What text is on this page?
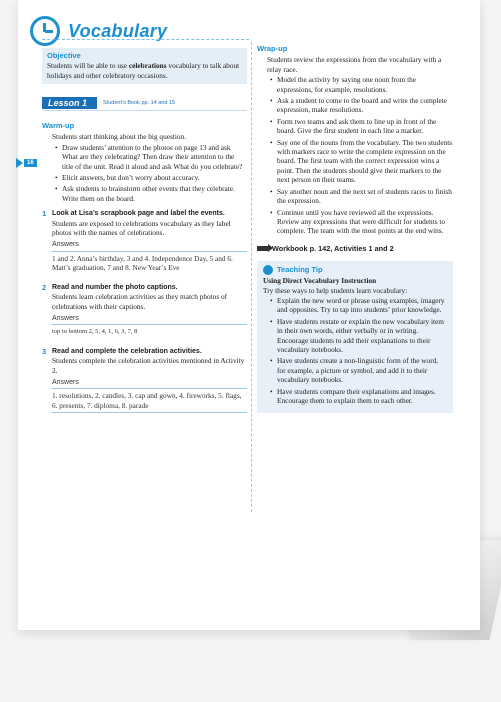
Vocabulary
Objective
Students will be able to use celebrations vocabulary to talk about holidays and other celebratory occasions.
Lesson 1	Student’s Book pp. 14 and 15
16
Warm-up
Students start thinking about the big question.
• Draw students’ attention to the photos on page 13 and ask What are they celebrating? Then draw their attention to the title of the unit. Read it aloud and ask What do you celebrate?
• Elicit answers, but don’t worry about accuracy.
• Ask students to brainstorm other events that they celebrate. Write them on the board.
1 Look at Lisa’s scrapbook page and label the events.
Students are exposed to celebrations vocabulary as they label photos with the names of celebrations.
Answers
1 and 2. Anna’s birthday, 3 and 4. Independence Day, 5 and 6. Matt’s graduation, 7 and 8. New Year’s Eve
2 Read and number the photo captions.
Students learn celebration activities as they match photos of celebrations with their captions.
Answers
top to bottom 2, 5, 4, 1, 6, 3, 7, 8
3 Read and complete the celebration activities.
Students complete the celebration activities mentioned in Activity 2.
Answers
1. resolutions, 2. candles, 3. cap and gown, 4. fireworks, 5. flags, 6. presents, 7. diploma, 8. parade
Wrap-up
Students review the expressions from the vocabulary with a relay race.
• Model the activity by saying one noun from the expressions, for example, resolutions.
• Ask a student to come to the board and write the complete expression, make resolutions.
• Form two teams and ask them to line up in front of the board. Give the first student in each line a marker.
• Say one of the nouns from the vocabulary. The two students with markers race to write the complete expression on the board. The first team with the correct expression wins a point. Then the students should give their markers to the next person on their teams.
• Say another noun and the next set of students races to finish the expression.
• Continue until you have reviewed all the expressions. Review any expressions that were difficult for students to complete. The team with the most points at the end wins.
Workbook p. 142, Activities 1 and 2
Teaching Tip
Using Direct Vocabulary Instruction
Try these ways to help students learn vocabulary:
• Explain the new word or phrase using examples, imagery and opposites. Try to tap into students’ prior knowledge.
• Have students restate or explain the new vocabulary item in their own words, either verbally or in writing. Encourage students to add their explanations to their vocabulary notebooks.
• Have students create a non-linguistic form of the word, for example, a picture or symbol, and add it to their vocabulary notebooks.
• Have students compare their explanations and images. Encourage them to explain them to each other.
